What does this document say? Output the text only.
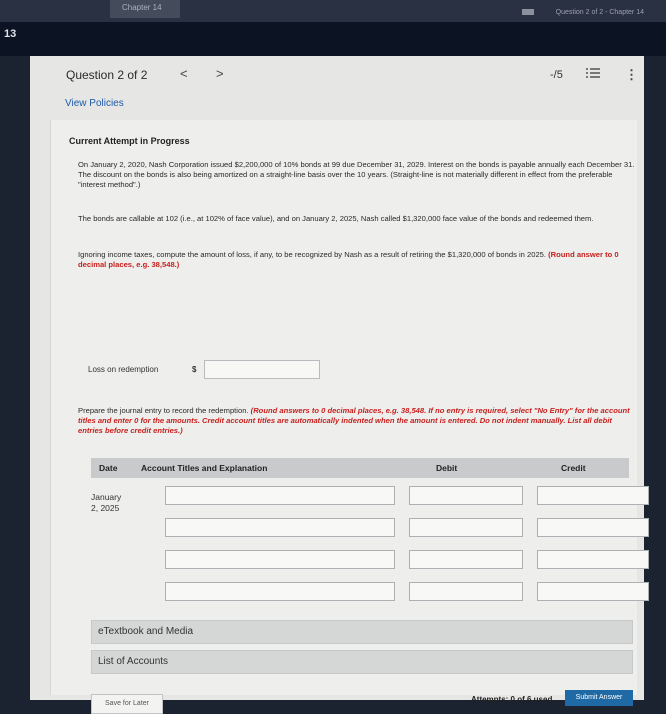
Chapter 14
Question 2 of 2 - Chapter 14
13
Question 2 of 2	< >	-/5	⋮
View Policies
Current Attempt in Progress
On January 2, 2020, Nash Corporation issued $2,200,000 of 10% bonds at 99 due December 31, 2029. Interest on the bonds is payable annually each December 31. The discount on the bonds is also being amortized on a straight-line basis over the 10 years. (Straight-line is not materially different in effect from the preferable "interest method".)
The bonds are callable at 102 (i.e., at 102% of face value), and on January 2, 2025, Nash called $1,320,000 face value of the bonds and redeemed them.
Ignoring income taxes, compute the amount of loss, if any, to be recognized by Nash as a result of retiring the $1,320,000 of bonds in 2025. (Round answer to 0 decimal places, e.g. 38,548.)
Loss on redemption	$
Prepare the journal entry to record the redemption. (Round answers to 0 decimal places, e.g. 38,548. If no entry is required, select "No Entry" for the account titles and enter 0 for the amounts. Credit account titles are automatically indented when the amount is entered. Do not indent manually. List all debit entries before credit entries.)
Date	Account Titles and Explanation	Debit	Credit
January
2, 2025
eTextbook and Media
List of Accounts
Save for Later	Attempts: 0 of 6 used	Submit Answer
